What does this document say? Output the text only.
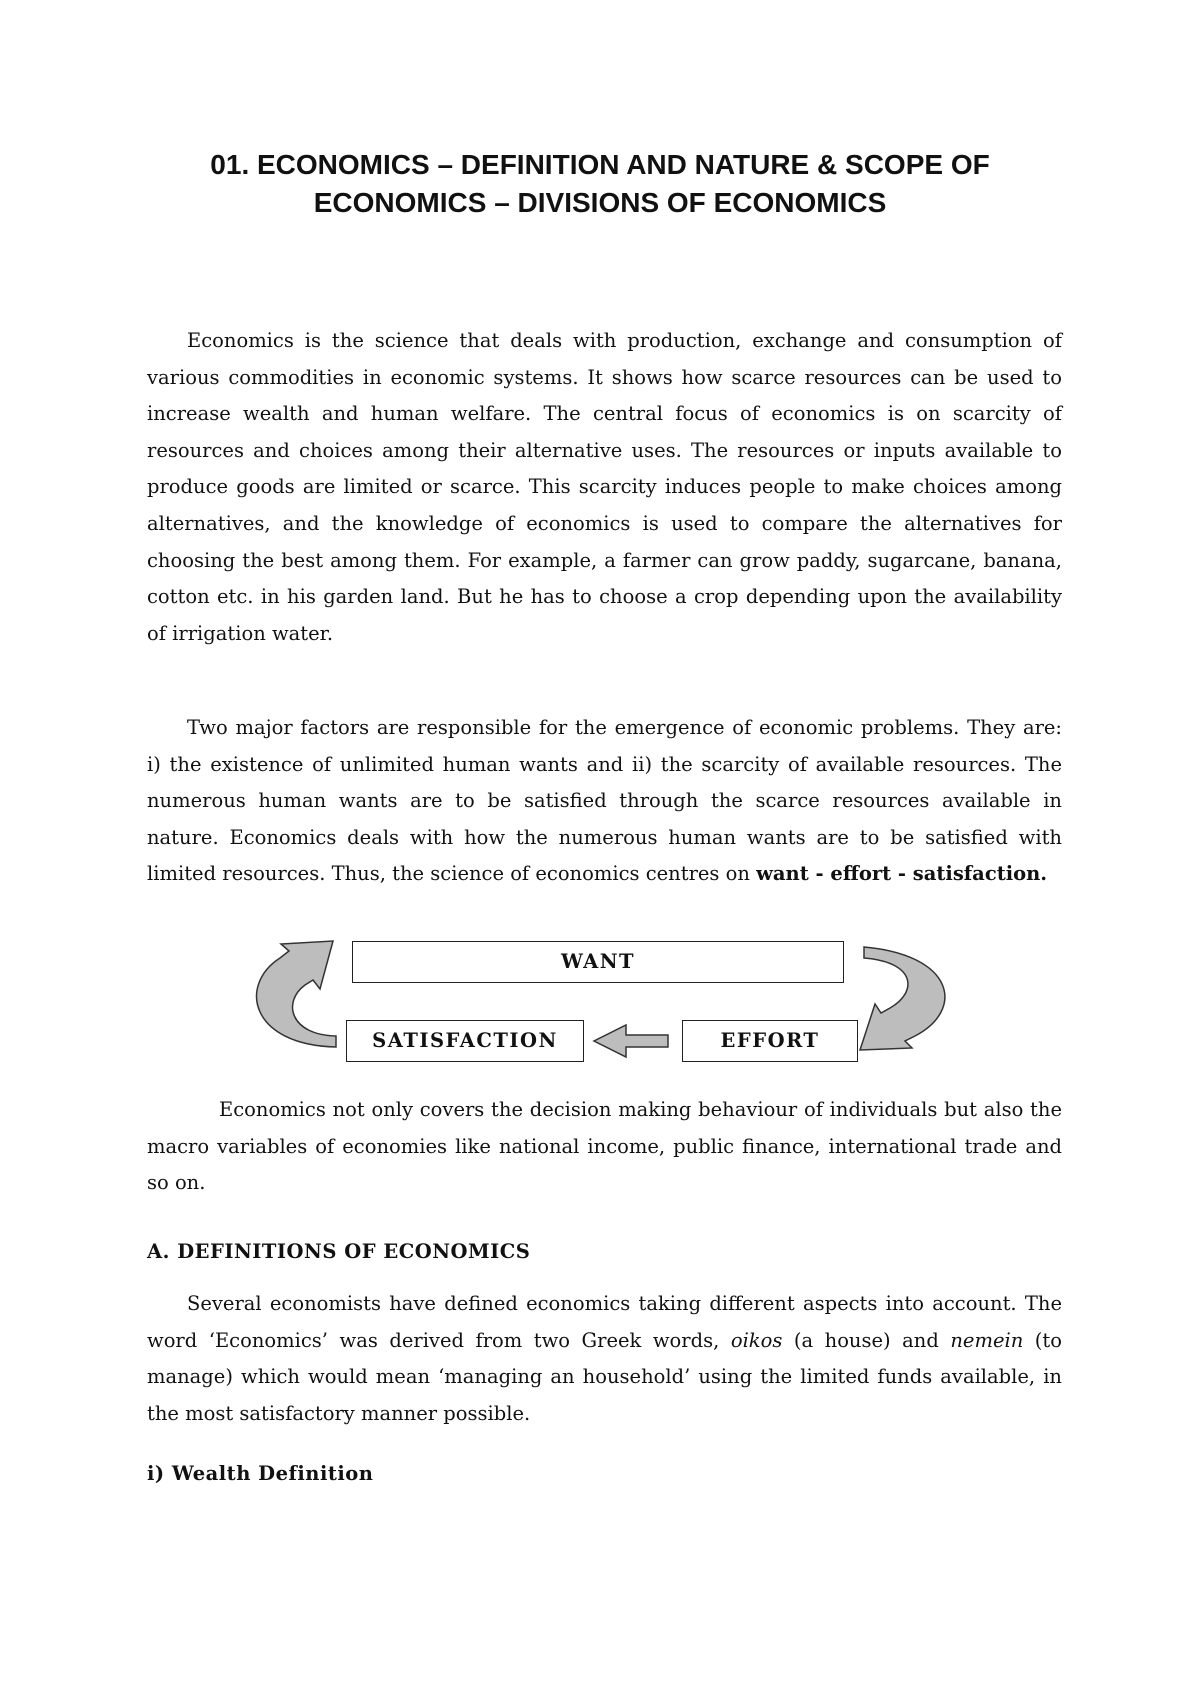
01. ECONOMICS – DEFINITION AND NATURE & SCOPE OF
ECONOMICS – DIVISIONS OF ECONOMICS

Economics is the science that deals with production, exchange and consumption of various commodities in economic systems. It shows how scarce resources can be used to increase wealth and human welfare. The central focus of economics is on scarcity of resources and choices among their alternative uses. The resources or inputs available to produce goods are limited or scarce. This scarcity induces people to make choices among alternatives, and the knowledge of economics is used to compare the alternatives for choosing the best among them. For example, a farmer can grow paddy, sugarcane, banana, cotton etc. in his garden land. But he has to choose a crop depending upon the availability of irrigation water.

Two major factors are responsible for the emergence of economic problems. They are: i) the existence of unlimited human wants and ii) the scarcity of available resources. The numerous human wants are to be satisfied through the scarce resources available in nature. Economics deals with how the numerous human wants are to be satisfied with limited resources. Thus, the science of economics centres on want - effort - satisfaction.

WANT
SATISFACTION	EFFORT

Economics not only covers the decision making behaviour of individuals but also the macro variables of economies like national income, public finance, international trade and so on.

A. DEFINITIONS OF ECONOMICS

Several economists have defined economics taking different aspects into account. The word ‘Economics’ was derived from two Greek words, oikos (a house) and nemein (to manage) which would mean ‘managing an household’ using the limited funds available, in the most satisfactory manner possible.

i) Wealth Definition
